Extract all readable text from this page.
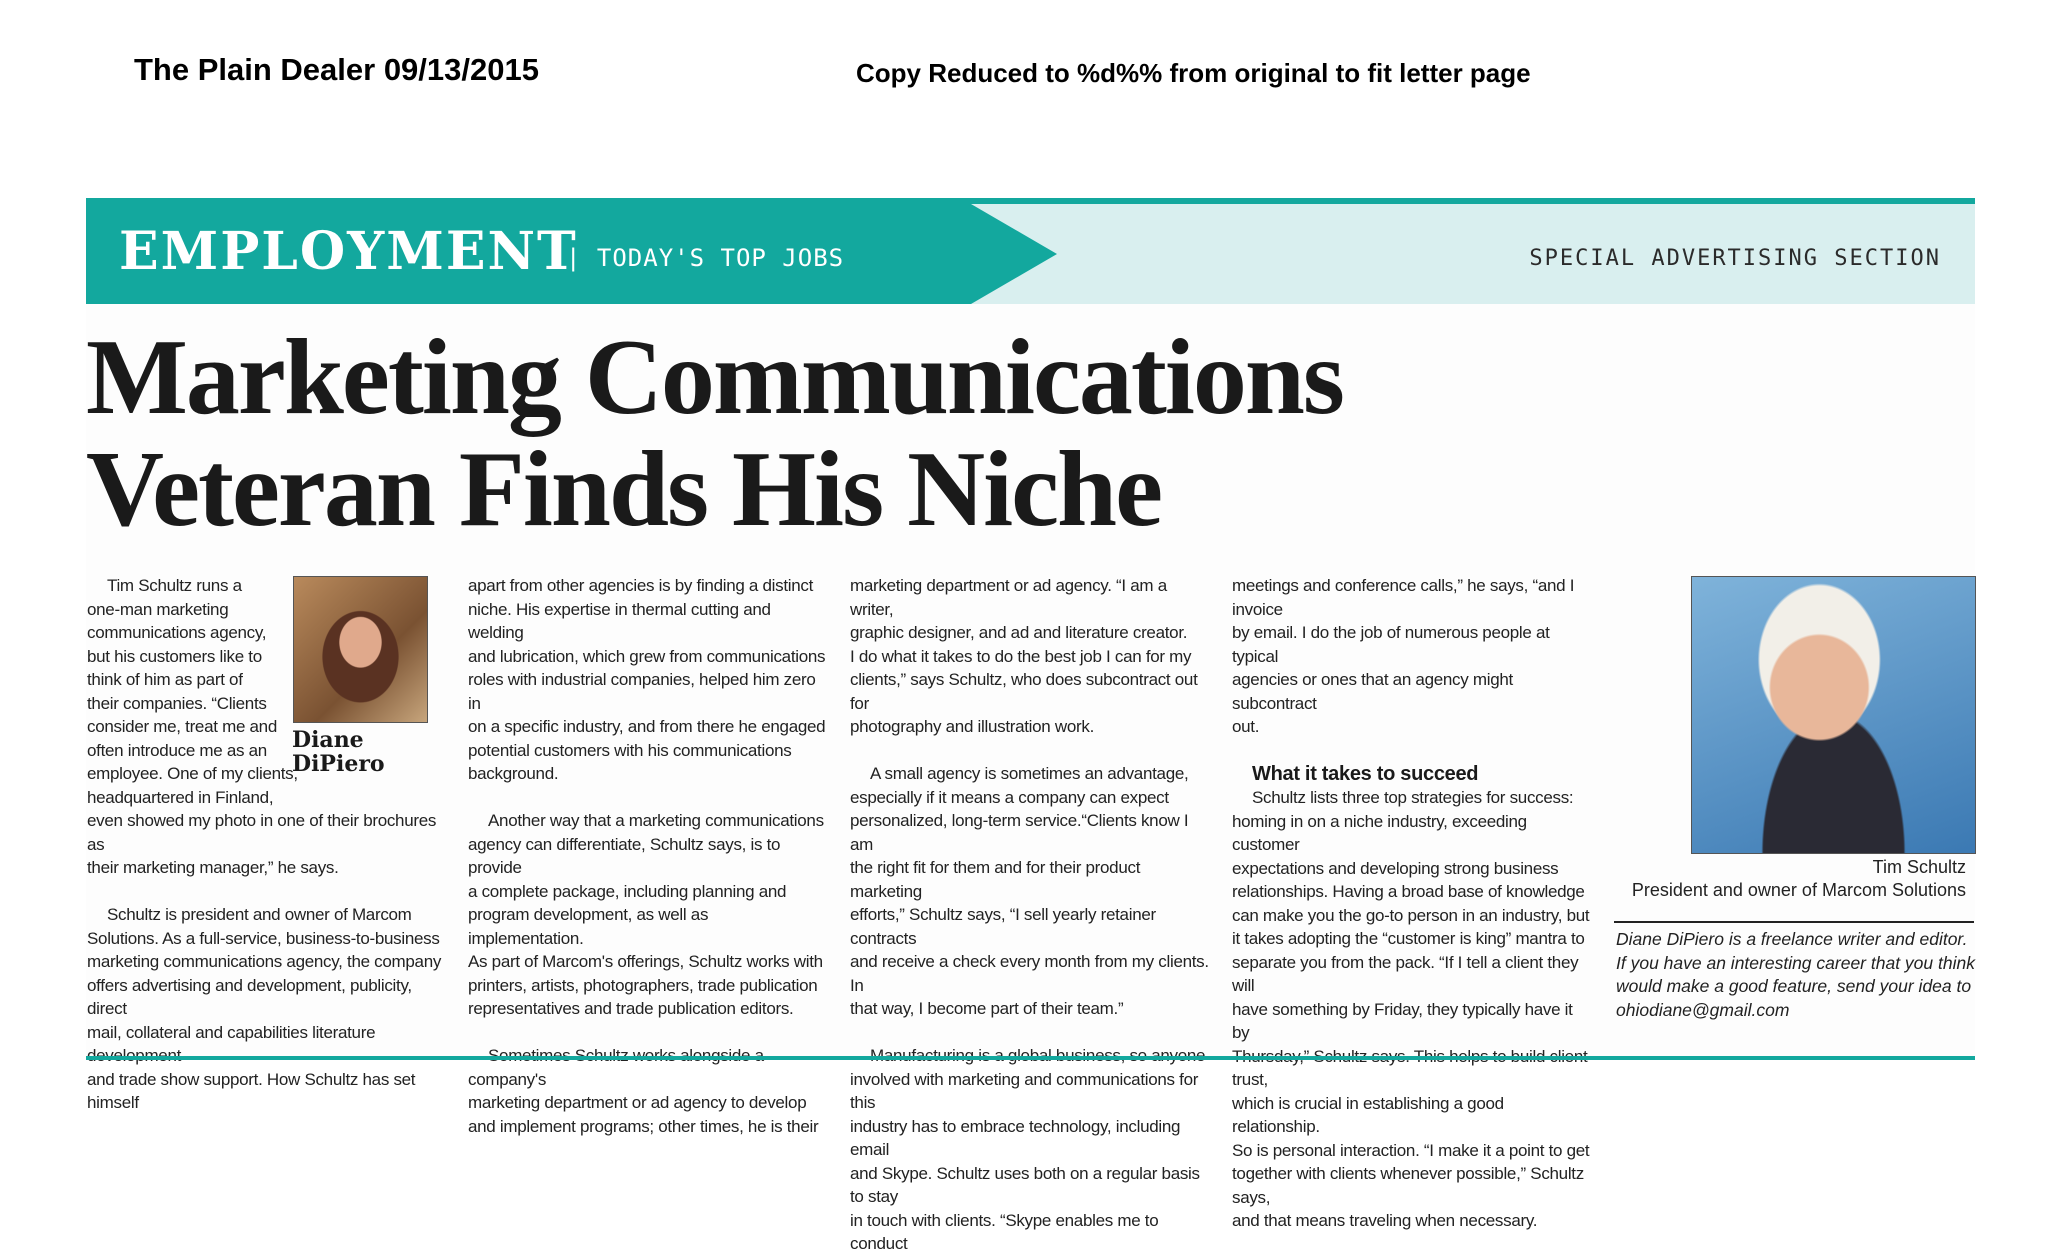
The Plain Dealer 09/13/2015	Copy Reduced to %d%% from original to fit letter page
EMPLOYMENT
| TODAY'S TOP JOBS	SPECIAL ADVERTISING SECTION
Marketing Communications
Veteran Finds His Niche

Tim Schultz runs a
one-man marketing
communications agency,
but his customers like to
think of him as part of
their companies. “Clients
consider me, treat me and
often introduce me as an
employee. One of my clients,
headquartered in Finland,
even showed my photo in one of their brochures as
their marketing manager,” he says.

Schultz is president and owner of Marcom
Solutions. As a full-service, business-to-business
marketing communications agency, the company
offers advertising and development, publicity, direct
mail, collateral and capabilities literature
and trade show support. How Schultz has set himself

Diane
DiPiero

apart from other agencies is by finding a distinct
niche. His expertise in thermal cutting and welding
and lubrication, which grew from communications
roles with industrial companies, helped him zero in
on a specific industry, and from there he engaged
potential customers with his communications
background.

Another way that a marketing communications
agency can differentiate, Schultz says, is to provide
a complete package, including planning and
program development, as well as implementation.
As part of Marcom's offerings, Schultz works with
printers, artists, photographers, trade publication
representatives and trade publication editors.

company's
marketing department or ad agency to develop
and implement programs; other times, he is their

marketing department or ad agency. “I am a writer,
graphic designer, and ad and literature creator.
I do what it takes to do the best job I can for my
clients,” says Schultz, who does subcontract out for
photography and illustration work.

A small agency is sometimes an advantage,
especially if it means a company can expect
personalized, long-term service.“Clients know I am
the right fit for them and for their product marketing
efforts,” Schultz says, “I sell yearly retainer contracts
and receive a check every month from my clients. In
that way, I become part of their team.”

involved with marketing and communications for this
industry has to embrace technology, including email
and Skype. Schultz uses both on a regular basis to stay
in touch with clients. “Skype enables me to conduct

meetings and conference calls,” he says, “and I invoice
by email. I do the job of numerous people at typical
agencies or ones that an agency might subcontract
out.

What it takes to succeed

Schultz lists three top strategies for success:
homing in on a niche industry, exceeding customer
expectations and developing strong business
relationships. Having a broad base of knowledge
can make you the go-to person in an industry, but
it takes adopting the “customer is king” mantra to
separate you from the pack. “If I tell a client they will
have something by Friday, they typically have it by
trust,
which is crucial in establishing a good relationship.
So is personal interaction. “I make it a point to get
together with clients whenever possible,” Schultz says,
and that means traveling when necessary.

Tim Schultz
President and owner of Marcom Solutions
Diane DiPiero is a freelance writer and editor.
If you have an interesting career that you think
would make a good feature, send your idea to
ohiodiane@gmail.com
